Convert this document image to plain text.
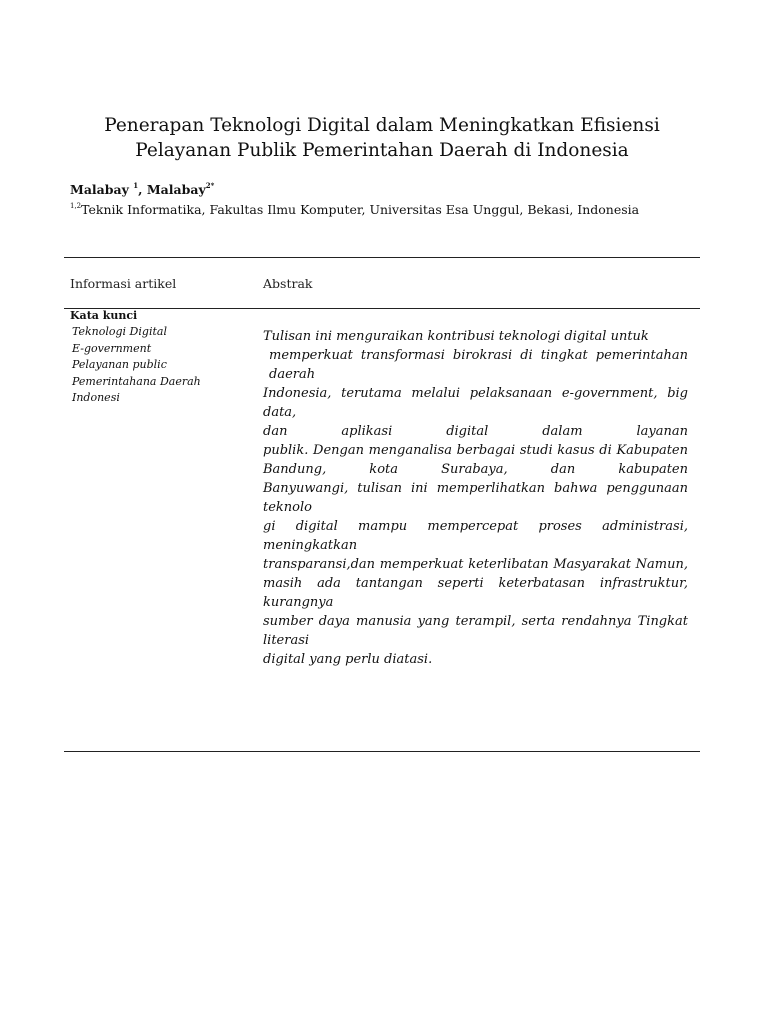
Penerapan Teknologi Digital dalam Meningkatkan Efisiensi
Pelayanan Publik Pemerintahan Daerah di Indonesia
Malabay $^1$, Malabay$^{2*}$
$^{1,2}$Teknik Informatika, Fakultas Ilmu Komputer, Universitas Esa Unggul, Bekasi, Indonesia
Informasi artikel	Abstrak
Kata kunci
Teknologi Digital
E-government
Pelayanan public
Pemerintahana Daerah
Indonesi
Tulisan ini menguraikan kontribusi teknologi digital untuk
memperkuat transformasi birokrasi di tingkat pemerintahan daerah
Indonesia, terutama melalui pelaksanaan e-government, big data,
dan aplikasi digital dalam layanan
publik. Dengan menganalisa berbagai studi kasus di Kabupaten
Bandung, kota Surabaya, dan kabupaten
Banyuwangi, tulisan ini memperlihatkan bahwa penggunaan teknolo
gi digital mampu mempercepat proses administrasi, meningkatkan
transparansi,dan memperkuat keterlibatan Masyarakat Namun,
masih ada tantangan seperti keterbatasan infrastruktur, kurangnya
sumber daya manusia yang terampil, serta rendahnya Tingkat literasi
digital yang perlu diatasi.
